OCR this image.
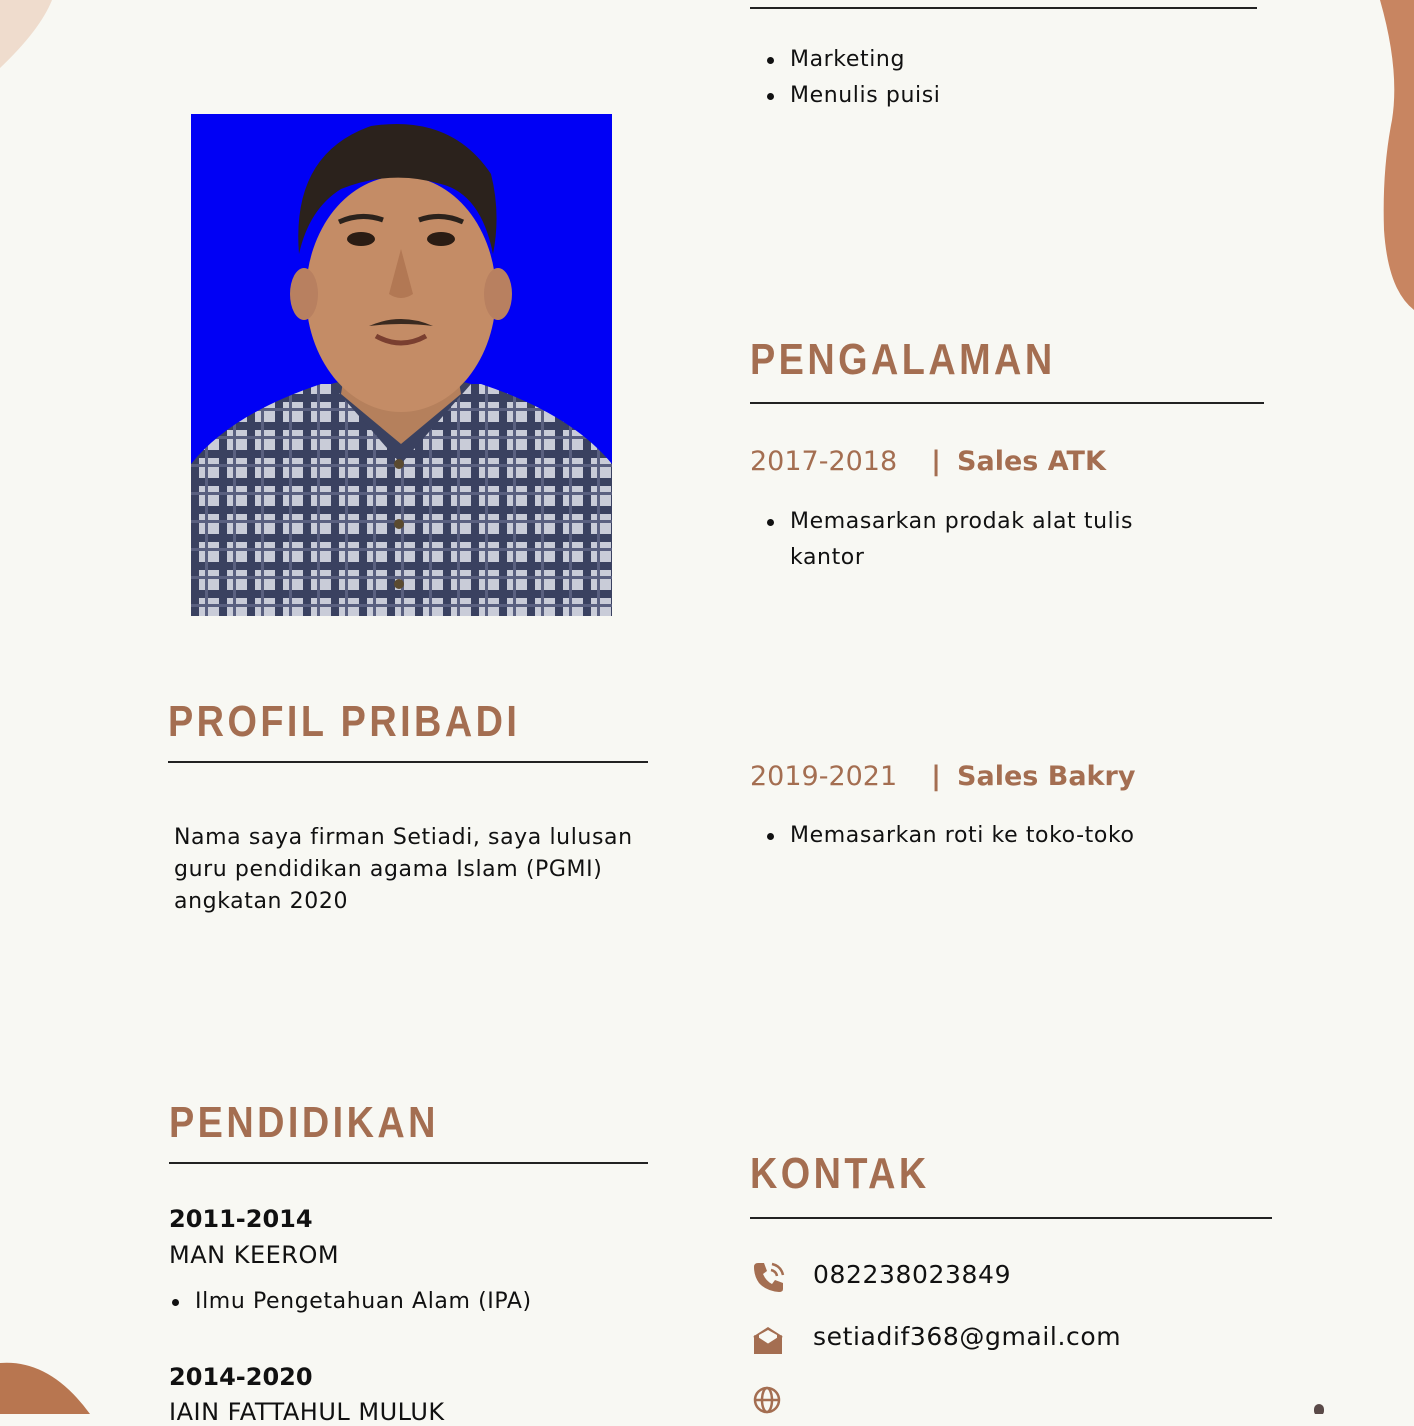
Marketing
Menulis puisi
PENGALAMAN
2017-2018 | Sales ATK
Memasarkan prodak alat tulis kantor
2019-2021 | Sales Bakry
Memasarkan roti ke toko-toko
PROFIL PRIBADI

Nama saya firman Setiadi, saya lulusan guru pendidikan agama Islam (PGMI) angkatan 2020

PENDIDIKAN
2011-2014
MAN KEEROM
Ilmu Pengetahuan Alam (IPA)
2014-2020
IAIN FATTAHUL MULUK
KONTAK
082238023849
setiadif368@gmail.com
